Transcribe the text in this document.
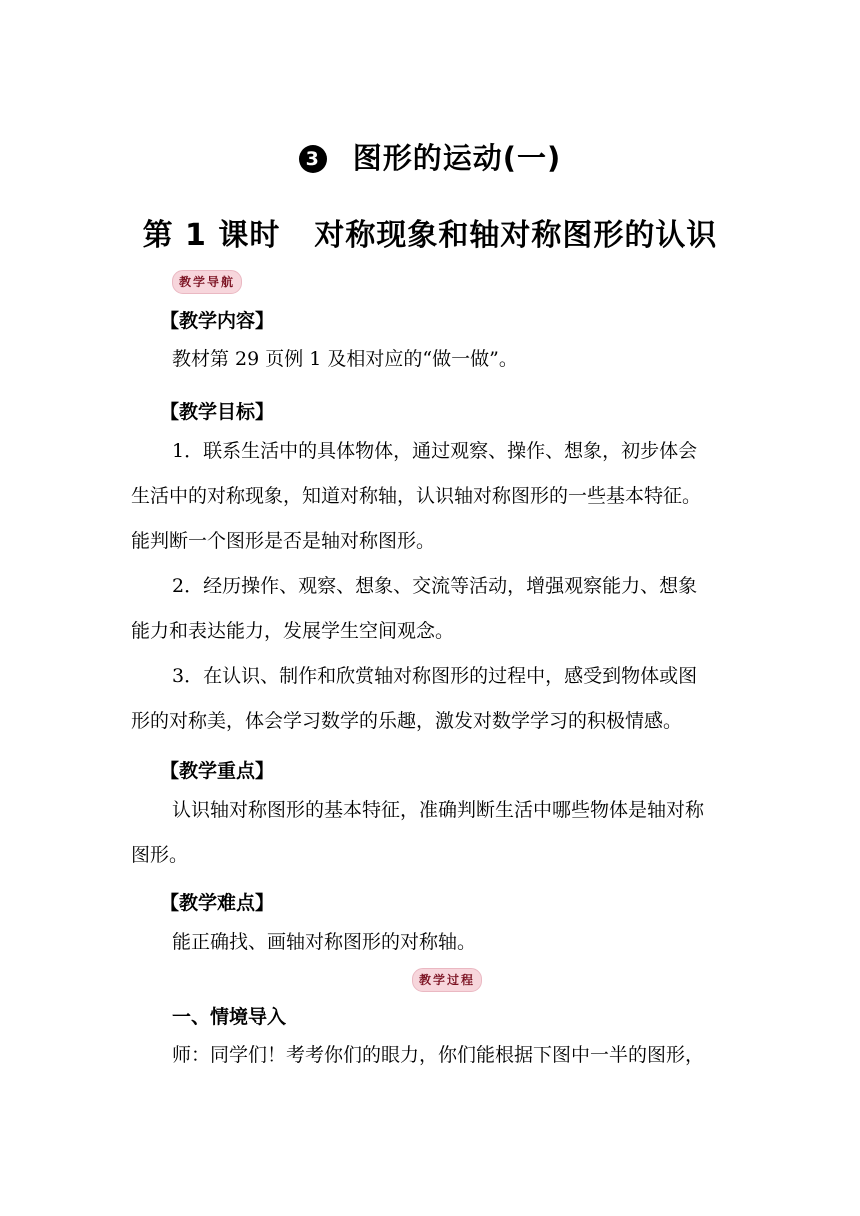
3 图形的运动(一)
第 1 课时 对称现象和轴对称图形的认识
教学导航
【教学内容】
教材第 29 页例 1 及相对应的“做一做”。
【教学目标】
1．联系生活中的具体物体，通过观察、操作、想象，初步体会
生活中的对称现象，知道对称轴，认识轴对称图形的一些基本特征。
能判断一个图形是否是轴对称图形。
2．经历操作、观察、想象、交流等活动，增强观察能力、想象
能力和表达能力，发展学生空间观念。
3．在认识、制作和欣赏轴对称图形的过程中，感受到物体或图
形的对称美，体会学习数学的乐趣，激发对数学学习的积极情感。
【教学重点】
认识轴对称图形的基本特征，准确判断生活中哪些物体是轴对称
图形。
【教学难点】
能正确找、画轴对称图形的对称轴。
教学过程
一、情境导入
师：同学们！考考你们的眼力，你们能根据下图中一半的图形，
